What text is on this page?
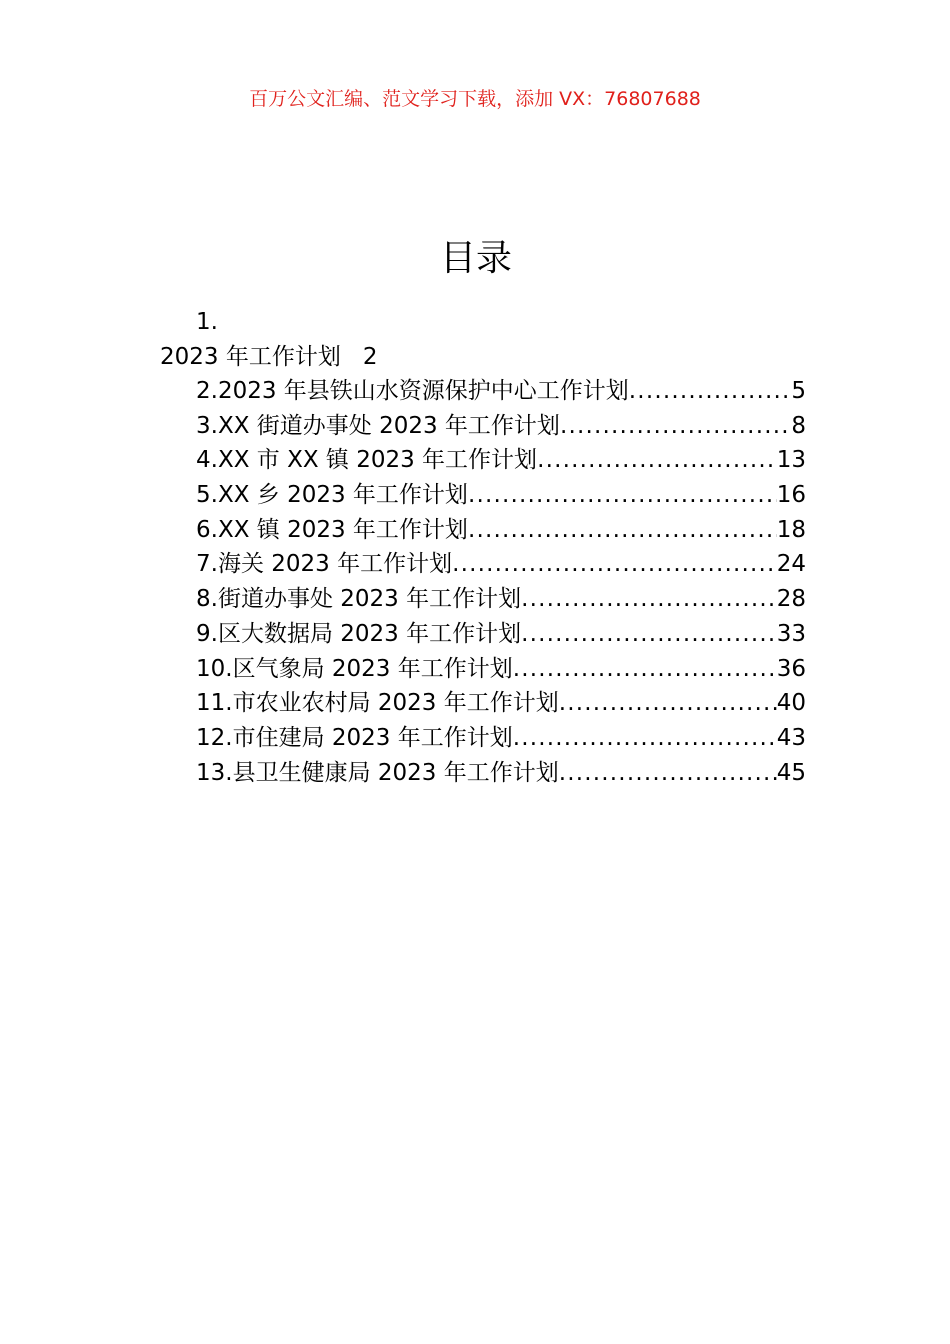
百万公文汇编、范文学习下载，添加 VX：76807688
目录
1.
2023 年工作计划 2
2.2023 年县铁山水资源保护中心工作计划 .....	5
3.XX 街道办事处 2023 年工作计划 .....	8
4.XX 市 XX 镇 2023 年工作计划 .....	13
5.XX 乡 2023 年工作计划 .....	16
6.XX 镇 2023 年工作计划 .....	18
7.海关 2023 年工作计划 .....	24
8.街道办事处 2023 年工作计划 .....	28
9.区大数据局 2023 年工作计划 .....	33
10.区气象局 2023 年工作计划 .....	36
11.市农业农村局 2023 年工作计划 .....	40
12.市住建局 2023 年工作计划 .....	43
13.县卫生健康局 2023 年工作计划 .....	45
